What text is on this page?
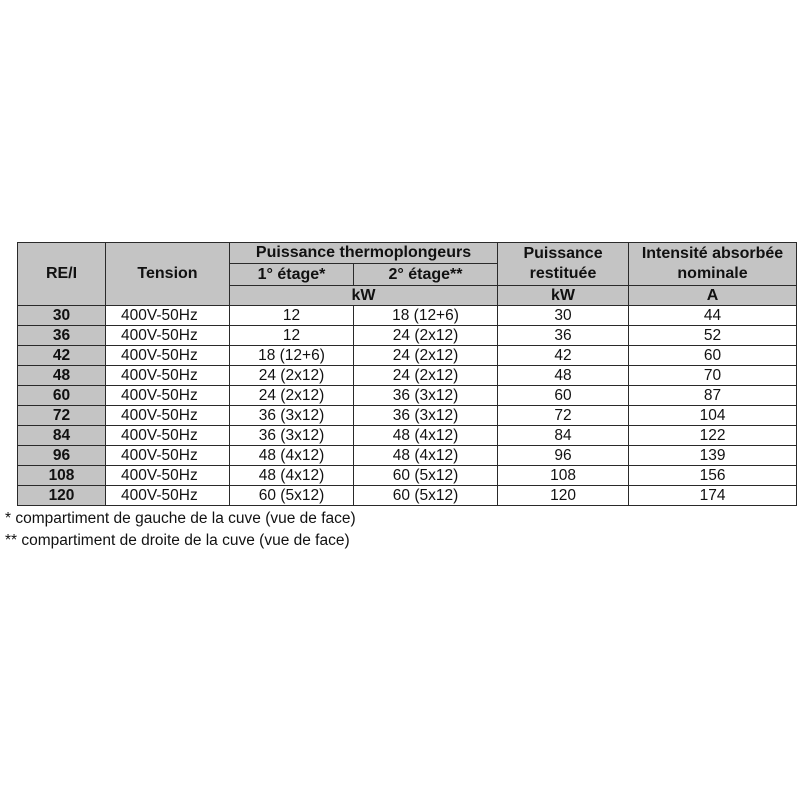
RE/I	Tension	Puissance thermoplongeurs		Puissance restituée	Intensité absorbée nominale
		1° étage*	2° étage**		
		kW		kW	A
30	400V-50Hz	12	18 (12+6)	30	44
36	400V-50Hz	12	24 (2x12)	36	52
42	400V-50Hz	18 (12+6)	24 (2x12)	42	60
48	400V-50Hz	24 (2x12)	24 (2x12)	48	70
60	400V-50Hz	24 (2x12)	36 (3x12)	60	87
72	400V-50Hz	36 (3x12)	36 (3x12)	72	104
84	400V-50Hz	36 (3x12)	48 (4x12)	84	122
96	400V-50Hz	48 (4x12)	48 (4x12)	96	139
108	400V-50Hz	48 (4x12)	60 (5x12)	108	156
120	400V-50Hz	60 (5x12)	60 (5x12)	120	174
* compartiment de gauche de la cuve (vue de face)
** compartiment de droite de la cuve (vue de face)
